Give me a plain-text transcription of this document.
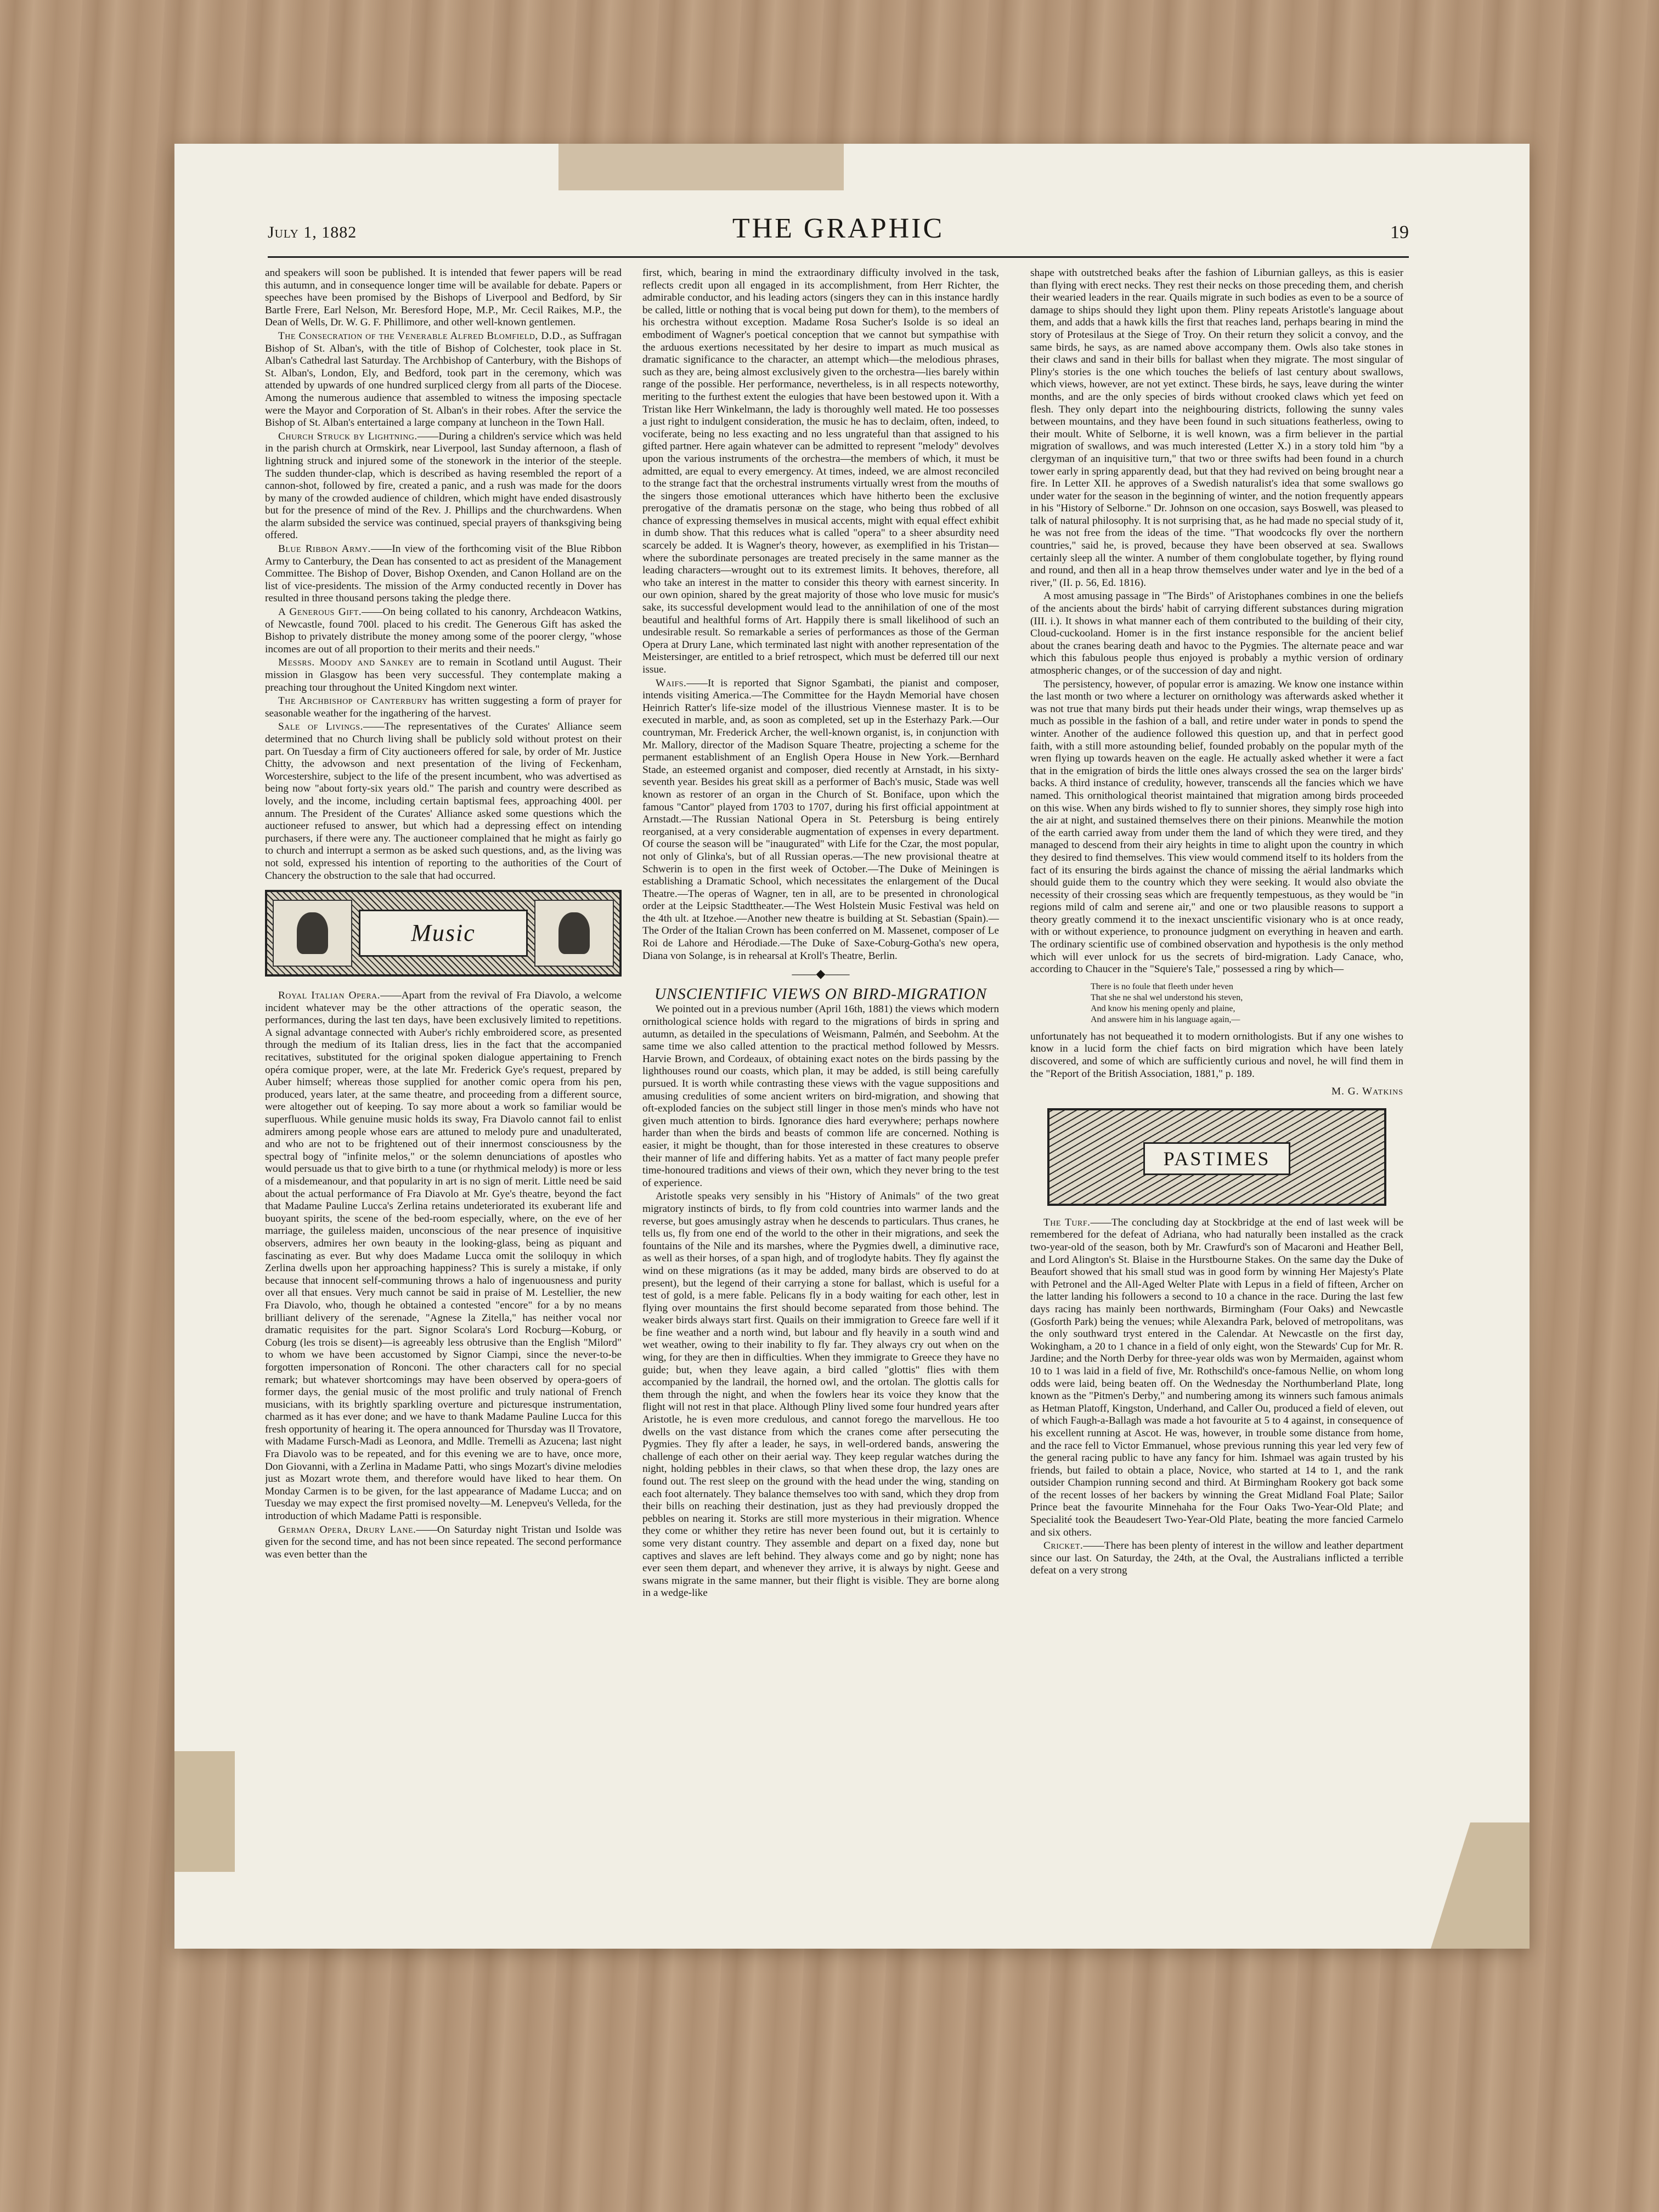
July 1, 1882	THE GRAPHIC	19

and speakers will soon be published. It is intended that fewer papers will be read this autumn, and in consequence longer time will be available for debate. Papers or speeches have been promised by the Bishops of Liverpool and Bedford, by Sir Bartle Frere, Earl Nelson, Mr. Beresford Hope, M.P., Mr. Cecil Raikes, M.P., the Dean of Wells, Dr. W. G. F. Phillimore, and other well-known gentlemen.

The Consecration of the Venerable Alfred Blomfield, D.D., as Suffragan Bishop of St. Alban's, with the title of Bishop of Colchester, took place in St. Alban's Cathedral last Saturday. The Archbishop of Canterbury, with the Bishops of St. Alban's, London, Ely, and Bedford, took part in the ceremony, which was attended by upwards of one hundred surpliced clergy from all parts of the Diocese. Among the numerous audience that assembled to witness the imposing spectacle were the Mayor and Corporation of St. Alban's in their robes. After the service the Bishop of St. Alban's entertained a large company at luncheon in the Town Hall.

Church Struck by Lightning.——During a children's service which was held in the parish church at Ormskirk, near Liverpool, last Sunday afternoon, a flash of lightning struck and injured some of the stonework in the interior of the steeple. The sudden thunder-clap, which is described as having resembled the report of a cannon-shot, followed by fire, created a panic, and a rush was made for the doors by many of the crowded audience of children, which might have ended disastrously but for the presence of mind of the Rev. J. Phillips and the churchwardens. When the alarm subsided the service was continued, special prayers of thanksgiving being offered.

Blue Ribbon Army.——In view of the forthcoming visit of the Blue Ribbon Army to Canterbury, the Dean has consented to act as president of the Management Committee. The Bishop of Dover, Bishop Oxenden, and Canon Holland are on the list of vice-presidents. The mission of the Army conducted recently in Dover has resulted in three thousand persons taking the pledge there.

A Generous Gift.——On being collated to his canonry, Archdeacon Watkins, of Newcastle, found 700l. placed to his credit. The Generous Gift has asked the Bishop to privately distribute the money among some of the poorer clergy, "whose incomes are out of all proportion to their merits and their needs."

Messrs. Moody and Sankey are to remain in Scotland until August. Their mission in Glasgow has been very successful. They contemplate making a preaching tour throughout the United Kingdom next winter.

The Archbishop of Canterbury has written suggesting a form of prayer for seasonable weather for the ingathering of the harvest.

Sale of Livings.——The representatives of the Curates' Alliance seem determined that no Church living shall be publicly sold without protest on their part. On Tuesday a firm of City auctioneers offered for sale, by order of Mr. Justice Chitty, the advowson and next presentation of the living of Feckenham, Worcestershire, subject to the life of the present incumbent, who was advertised as being now "about forty-six years old." The parish and country were described as lovely, and the income, including certain baptismal fees, approaching 400l. per annum. The President of the Curates' Alliance asked some questions which the auctioneer refused to answer, but which had a depressing effect on intending purchasers, if there were any. The auctioneer complained that he might as fairly go to church and interrupt a sermon as be asked such questions, and, as the living was not sold, expressed his intention of reporting to the authorities of the Court of Chancery the obstruction to the sale that had occurred.

Music

Royal Italian Opera.——Apart from the revival of Fra Diavolo, a welcome incident whatever may be the other attractions of the operatic season, the performances, during the last ten days, have been exclusively limited to repetitions. A signal advantage connected with Auber's richly embroidered score, as presented through the medium of its Italian dress, lies in the fact that the accompanied recitatives, substituted for the original spoken dialogue appertaining to French opéra comique proper, were, at the late Mr. Frederick Gye's request, prepared by Auber himself; whereas those supplied for another comic opera from his pen, produced, years later, at the same theatre, and proceeding from a different source, were altogether out of keeping. To say more about a work so familiar would be superfluous. While genuine music holds its sway, Fra Diavolo cannot fail to enlist admirers among people whose ears are attuned to melody pure and unadulterated, and who are not to be frightened out of their innermost consciousness by the spectral bogy of "infinite melos," or the solemn denunciations of apostles who would persuade us that to give birth to a tune (or rhythmical melody) is more or less of a misdemeanour, and that popularity in art is no sign of merit. Little need be said about the actual performance of Fra Diavolo at Mr. Gye's theatre, beyond the fact that Madame Pauline Lucca's Zerlina retains undeteriorated its exuberant life and buoyant spirits, the scene of the bed-room especially, where, on the eve of her marriage, the guileless maiden, unconscious of the near presence of inquisitive observers, admires her own beauty in the looking-glass, being as piquant and fascinating as ever. But why does Madame Lucca omit the soliloquy in which Zerlina dwells upon her approaching happiness? This is surely a mistake, if only because that innocent self-communing throws a halo of ingenuousness and purity over all that ensues. Very much cannot be said in praise of M. Lestellier, the new Fra Diavolo, who, though he obtained a contested "encore" for a by no means brilliant delivery of the serenade, "Agnese la Zitella," has neither vocal nor dramatic requisites for the part. Signor Scolara's Lord Rocburg—Koburg, or Coburg (les trois se disent)—is agreeably less obtrusive than the English "Milord" to whom we have been accustomed by Signor Ciampi, since the never-to-be forgotten impersonation of Ronconi. The other characters call for no special remark; but whatever shortcomings may have been observed by opera-goers of former days, the genial music of the most prolific and truly national of French musicians, with its brightly sparkling overture and picturesque instrumentation, charmed as it has ever done; and we have to thank Madame Pauline Lucca for this fresh opportunity of hearing it. The opera announced for Thursday was Il Trovatore, with Madame Fursch-Madi as Leonora, and Mdlle. Tremelli as Azucena; last night Fra Diavolo was to be repeated, and for this evening we are to have, once more, Don Giovanni, with a Zerlina in Madame Patti, who sings Mozart's divine melodies just as Mozart wrote them, and therefore would have liked to hear them. On Monday Carmen is to be given, for the last appearance of Madame Lucca; and on Tuesday we may expect the first promised novelty—M. Lenepveu's Velleda, for the introduction of which Madame Patti is responsible.

German Opera, Drury Lane.——On Saturday night Tristan und Isolde was given for the second time, and has not been since repeated. The second performance was even better than the

first, which, bearing in mind the extraordinary difficulty involved in the task, reflects credit upon all engaged in its accomplishment, from Herr Richter, the admirable conductor, and his leading actors (singers they can in this instance hardly be called, little or nothing that is vocal being put down for them), to the members of his orchestra without exception. Madame Rosa Sucher's Isolde is so ideal an embodiment of Wagner's poetical conception that we cannot but sympathise with the arduous exertions necessitated by her desire to impart as much musical as dramatic significance to the character, an attempt which—the melodious phrases, such as they are, being almost exclusively given to the orchestra—lies barely within range of the possible. Her performance, nevertheless, is in all respects noteworthy, meriting to the furthest extent the eulogies that have been bestowed upon it. With a Tristan like Herr Winkelmann, the lady is thoroughly well mated. He too possesses a just right to indulgent consideration, the music he has to declaim, often, indeed, to vociferate, being no less exacting and no less ungrateful than that assigned to his gifted partner. Here again whatever can be admitted to represent "melody" devolves upon the various instruments of the orchestra—the members of which, it must be admitted, are equal to every emergency. At times, indeed, we are almost reconciled to the strange fact that the orchestral instruments virtually wrest from the mouths of the singers those emotional utterances which have hitherto been the exclusive prerogative of the dramatis personæ on the stage, who being thus robbed of all chance of expressing themselves in musical accents, might with equal effect exhibit in dumb show. That this reduces what is called "opera" to a sheer absurdity need scarcely be added. It is Wagner's theory, however, as exemplified in his Tristan—where the subordinate personages are treated precisely in the same manner as the leading characters—wrought out to its extremest limits. It behoves, therefore, all who take an interest in the matter to consider this theory with earnest sincerity. In our own opinion, shared by the great majority of those who love music for music's sake, its successful development would lead to the annihilation of one of the most beautiful and healthful forms of Art. Happily there is small likelihood of such an undesirable result. So remarkable a series of performances as those of the German Opera at Drury Lane, which terminated last night with another representation of the Meistersinger, are entitled to a brief retrospect, which must be deferred till our next issue.

Waifs.——It is reported that Signor Sgambati, the pianist and composer, intends visiting America.—The Committee for the Haydn Memorial have chosen Heinrich Ratter's life-size model of the illustrious Viennese master. It is to be executed in marble, and, as soon as completed, set up in the Esterhazy Park.—Our countryman, Mr. Frederick Archer, the well-known organist, is, in conjunction with Mr. Mallory, director of the Madison Square Theatre, projecting a scheme for the permanent establishment of an English Opera House in New York.—Bernhard Stade, an esteemed organist and composer, died recently at Arnstadt, in his sixty-seventh year. Besides his great skill as a performer of Bach's music, Stade was well known as restorer of an organ in the Church of St. Boniface, upon which the famous "Cantor" played from 1703 to 1707, during his first official appointment at Arnstadt.—The Russian National Opera in St. Petersburg is being entirely reorganised, at a very considerable augmentation of expenses in every department. Of course the season will be "inaugurated" with Life for the Czar, the most popular, not only of Glinka's, but of all Russian operas.—The new provisional theatre at Schwerin is to open in the first week of October.—The Duke of Meiningen is establishing a Dramatic School, which necessitates the enlargement of the Ducal Theatre.—The operas of Wagner, ten in all, are to be presented in chronological order at the Leipsic Stadttheater.—The West Holstein Music Festival was held on the 4th ult. at Itzehoe.—Another new theatre is building at St. Sebastian (Spain).—The Order of the Italian Crown has been conferred on M. Massenet, composer of Le Roi de Lahore and Hérodiade.—The Duke of Saxe-Coburg-Gotha's new opera, Diana von Solange, is in rehearsal at Kroll's Theatre, Berlin.

——◆——
UNSCIENTIFIC VIEWS ON BIRD-MIGRATION

We pointed out in a previous number (April 16th, 1881) the views which modern ornithological science holds with regard to the migrations of birds in spring and autumn, as detailed in the speculations of Weismann, Palmén, and Seebohm. At the same time we also called attention to the practical method followed by Messrs. Harvie Brown, and Cordeaux, of obtaining exact notes on the birds passing by the lighthouses round our coasts, which plan, it may be added, is still being carefully pursued. It is worth while contrasting these views with the vague suppositions and amusing credulities of some ancient writers on bird-migration, and showing that oft-exploded fancies on the subject still linger in those men's minds who have not given much attention to birds. Ignorance dies hard everywhere; perhaps nowhere harder than when the birds and beasts of common life are concerned. Nothing is easier, it might be thought, than for those interested in these creatures to observe their manner of life and differing habits. Yet as a matter of fact many people prefer time-honoured traditions and views of their own, which they never bring to the test of experience.

Aristotle speaks very sensibly in his "History of Animals" of the two great migratory instincts of birds, to fly from cold countries into warmer lands and the reverse, but goes amusingly astray when he descends to particulars. Thus cranes, he tells us, fly from one end of the world to the other in their migrations, and seek the fountains of the Nile and its marshes, where the Pygmies dwell, a diminutive race, as well as their horses, of a span high, and of troglodyte habits. They fly against the wind on these migrations (as it may be added, many birds are observed to do at present), but the legend of their carrying a stone for ballast, which is useful for a test of gold, is a mere fable. Pelicans fly in a body waiting for each other, lest in flying over mountains the first should become separated from those behind. The weaker birds always start first. Quails on their immigration to Greece fare well if it be fine weather and a north wind, but labour and fly heavily in a south wind and wet weather, owing to their inability to fly far. They always cry out when on the wing, for they are then in difficulties. When they immigrate to Greece they have no guide; but, when they leave again, a bird called "glottis" flies with them accompanied by the landrail, the horned owl, and the ortolan. The glottis calls for them through the night, and when the fowlers hear its voice they know that the flight will not rest in that place. Although Pliny lived some four hundred years after Aristotle, he is even more credulous, and cannot forego the marvellous. He too dwells on the vast distance from which the cranes come after persecuting the Pygmies. They fly after a leader, he says, in well-ordered bands, answering the challenge of each other on their aerial way. They keep regular watches during the night, holding pebbles in their claws, so that when these drop, the lazy ones are found out. The rest sleep on the ground with the head under the wing, standing on each foot alternately. They balance themselves too with sand, which they drop from their bills on reaching their destination, just as they had previously dropped the pebbles on nearing it. Storks are still more mysterious in their migration. Whence they come or whither they retire has never been found out, but it is certainly to some very distant country. They assemble and depart on a fixed day, none but captives and slaves are left behind. They always come and go by night; none has ever seen them depart, and whenever they arrive, it is always by night. Geese and swans migrate in the same manner, but their flight is visible. They are borne along in a wedge-like

shape with outstretched beaks after the fashion of Liburnian galleys, as this is easier than flying with erect necks. They rest their necks on those preceding them, and cherish their wearied leaders in the rear. Quails migrate in such bodies as even to be a source of damage to ships should they light upon them. Pliny repeats Aristotle's language about them, and adds that a hawk kills the first that reaches land, perhaps bearing in mind the story of Protesilaus at the Siege of Troy. On their return they solicit a convoy, and the same birds, he says, as are named above accompany them. Owls also take stones in their claws and sand in their bills for ballast when they migrate. The most singular of Pliny's stories is the one which touches the beliefs of last century about swallows, which views, however, are not yet extinct. These birds, he says, leave during the winter months, and are the only species of birds without crooked claws which yet feed on flesh. They only depart into the neighbouring districts, following the sunny vales between mountains, and they have been found in such situations featherless, owing to their moult. White of Selborne, it is well known, was a firm believer in the partial migration of swallows, and was much interested (Letter X.) in a story told him "by a clergyman of an inquisitive turn," that two or three swifts had been found in a church tower early in spring apparently dead, but that they had revived on being brought near a fire. In Letter XII. he approves of a Swedish naturalist's idea that some swallows go under water for the season in the beginning of winter, and the notion frequently appears in his "History of Selborne." Dr. Johnson on one occasion, says Boswell, was pleased to talk of natural philosophy. It is not surprising that, as he had made no special study of it, he was not free from the ideas of the time. "That woodcocks fly over the northern countries," said he, is proved, because they have been observed at sea. Swallows certainly sleep all the winter. A number of them conglobulate together, by flying round and round, and then all in a heap throw themselves under water and lye in the bed of a river," (II. p. 56, Ed. 1816).

A most amusing passage in "The Birds" of Aristophanes combines in one the beliefs of the ancients about the birds' habit of carrying different substances during migration (III. i.). It shows in what manner each of them contributed to the building of their city, Cloud-cuckooland. Homer is in the first instance responsible for the ancient belief about the cranes bearing death and havoc to the Pygmies. The alternate peace and war which this fabulous people thus enjoyed is probably a mythic version of ordinary atmospheric changes, or of the succession of day and night.

The persistency, however, of popular error is amazing. We know one instance within the last month or two where a lecturer on ornithology was afterwards asked whether it was not true that many birds put their heads under their wings, wrap themselves up as much as possible in the fashion of a ball, and retire under water in ponds to spend the winter. Another of the audience followed this question up, and that in perfect good faith, with a still more astounding belief, founded probably on the popular myth of the wren flying up towards heaven on the eagle. He actually asked whether it were a fact that in the emigration of birds the little ones always crossed the sea on the larger birds' backs. A third instance of credulity, however, transcends all the fancies which we have named. This ornithological theorist maintained that migration among birds proceeded on this wise. When any birds wished to fly to sunnier shores, they simply rose high into the air at night, and sustained themselves there on their pinions. Meanwhile the motion of the earth carried away from under them the land of which they were tired, and they managed to descend from their airy heights in time to alight upon the country in which they desired to find themselves. This view would commend itself to its holders from the fact of its ensuring the birds against the chance of missing the aërial landmarks which should guide them to the country which they were seeking. It would also obviate the necessity of their crossing seas which are frequently tempestuous, as they would be "in regions mild of calm and serene air," and one or two plausible reasons to support a theory greatly commend it to the inexact unscientific visionary who is at once ready, with or without experience, to pronounce judgment on everything in heaven and earth. The ordinary scientific use of combined observation and hypothesis is the only method which will ever unlock for us the secrets of bird-migration. Lady Canace, who, according to Chaucer in the "Squiere's Tale," possessed a ring by which—

There is no foule that fleeth under heven
That she ne shal wel understond his steven,
And know his mening openly and plaine,
And answere him in his language again,—

unfortunately has not bequeathed it to modern ornithologists. But if any one wishes to know in a lucid form the chief facts on bird migration which have been lately discovered, and some of which are sufficiently curious and novel, he will find them in the "Report of the British Association, 1881," p. 189.

M. G. Watkins
PASTIMES

The Turf.——The concluding day at Stockbridge at the end of last week will be remembered for the defeat of Adriana, who had naturally been installed as the crack two-year-old of the season, both by Mr. Crawfurd's son of Macaroni and Heather Bell, and Lord Alington's St. Blaise in the Hurstbourne Stakes. On the same day the Duke of Beaufort showed that his small stud was in good form by winning Her Majesty's Plate with Petronel and the All-Aged Welter Plate with Lepus in a field of fifteen, Archer on the latter landing his followers a second to 10 a chance in the race. During the last few days racing has mainly been northwards, Birmingham (Four Oaks) and Newcastle (Gosforth Park) being the venues; while Alexandra Park, beloved of metropolitans, was the only southward tryst entered in the Calendar. At Newcastle on the first day, Wokingham, a 20 to 1 chance in a field of only eight, won the Stewards' Cup for Mr. R. Jardine; and the North Derby for three-year olds was won by Mermaiden, against whom 10 to 1 was laid in a field of five, Mr. Rothschild's once-famous Nellie, on whom long odds were laid, being beaten off. On the Wednesday the Northumberland Plate, long known as the "Pitmen's Derby," and numbering among its winners such famous animals as Hetman Platoff, Kingston, Underhand, and Caller Ou, produced a field of eleven, out of which Faugh-a-Ballagh was made a hot favourite at 5 to 4 against, in consequence of his excellent running at Ascot. He was, however, in trouble some distance from home, and the race fell to Victor Emmanuel, whose previous running this year led very few of the general racing public to have any fancy for him. Ishmael was again trusted by his friends, but failed to obtain a place, Novice, who started at 14 to 1, and the rank outsider Champion running second and third. At Birmingham Rookery got back some of the recent losses of her backers by winning the Great Midland Foal Plate; Sailor Prince beat the favourite Minnehaha for the Four Oaks Two-Year-Old Plate; and Specialité took the Beaudesert Two-Year-Old Plate, beating the more fancied Carmelo and six others.

Cricket.——There has been plenty of interest in the willow and leather department since our last. On Saturday, the 24th, at the Oval, the Australians inflicted a terrible defeat on a very strong
